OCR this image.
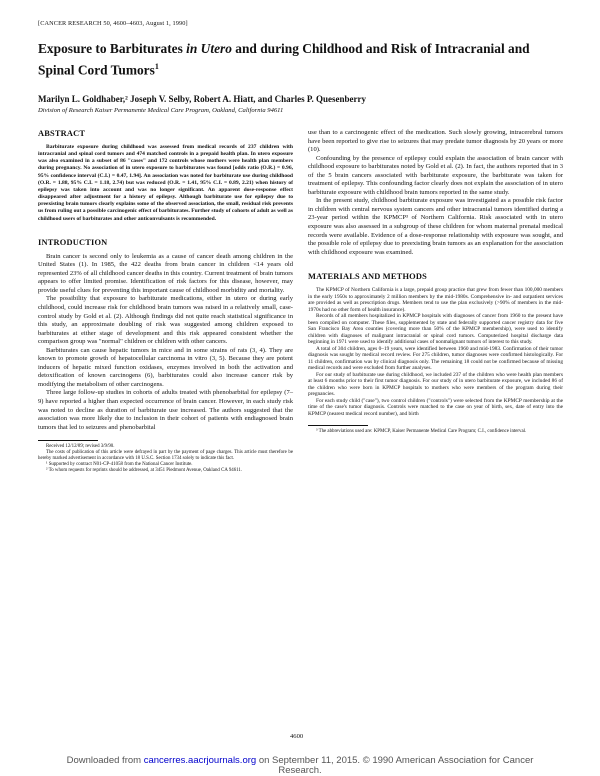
[CANCER RESEARCH 50, 4600–4603, August 1, 1990]
Exposure to Barbiturates in Utero and during Childhood and Risk of Intracranial and Spinal Cord Tumors$^1$
Marilyn L. Goldhaber,² Joseph V. Selby, Robert A. Hiatt, and Charles P. Quesenberry
Division of Research Kaiser Permanente Medical Care Program, Oakland, California 94611
ABSTRACT

Barbiturate exposure during childhood was assessed from medical records of 237 children with intracranial and spinal cord tumors and 474 matched controls in a prepaid health plan. In utero exposure was also examined in a subset of 86 "cases" and 172 controls whose mothers were health plan members during pregnancy. No association of in utero exposure to barbiturates was found [odds ratio (O.R.) = 0.96, 95% confidence interval (C.I.) = 0.47, 1.94]. An association was noted for barbiturate use during childhood (O.R. = 1.88, 95% C.I. = 1.18, 2.74) but was reduced (O.R. = 1.41, 95% C.I. = 0.89, 2.21) when history of epilepsy was taken into account and was no longer significant. An apparent dose-response effect disappeared after adjustment for a history of epilepsy. Although barbiturate use for epilepsy due to preexisting brain tumors clearly explains some of the observed association, the small, residual risk prevents us from ruling out a possible carcinogenic effect of barbiturates. Further study of cohorts of adult as well as childhood users of barbiturates and other anticonvulsants is recommended.

INTRODUCTION

Brain cancer is second only to leukemia as a cause of cancer death among children in the United States (1). In 1985, the 422 deaths from brain cancer in children <14 years old represented 23% of all childhood cancer deaths in this country. Current treatment of brain tumors appears to offer limited promise. Identification of risk factors for this disease, however, may provide useful clues for preventing this important cause of childhood morbidity and mortality.

The possibility that exposure to barbiturate medications, either in utero or during early childhood, could increase risk for childhood brain tumors was raised in a relatively small, case-control study by Gold et al. (2). Although findings did not quite reach statistical significance in this study, an approximate doubling of risk was suggested among children exposed to barbiturates at either stage of development and this risk appeared consistent whether the comparison group was "normal" children or children with other cancers.

Barbiturates can cause hepatic tumors in mice and in some strains of rats (3, 4). They are known to promote growth of hepatocellular carcinoma in vitro (3, 5). Because they are potent inducers of hepatic mixed function oxidases, enzymes involved in both the activation and detoxification of known carcinogens (6), barbiturates could also increase cancer risk by modifying the metabolism of other carcinogens.

Three large follow-up studies in cohorts of adults treated with phenobarbital for epilepsy (7–9) have reported a higher than expected occurrence of brain cancer. However, in each study risk was noted to decline as duration of barbiturate use increased. The authors suggested that the association was more likely due to inclusion in their cohort of patients with endiagnosed brain tumors that led to seizures and phenobarbital

Received 12/12/89; revised 3/9/90.

The costs of publication of this article were defrayed in part by the payment of page charges. This article must therefore be hereby marked advertisement in accordance with 18 U.S.C. Section 1734 solely to indicate this fact.

¹ Supported by contract N01-CP-41058 from the National Cancer Institute.

² To whom requests for reprints should be addressed, at 3451 Piedmont Avenue, Oakland CA 94611.

use than to a carcinogenic effect of the medication. Such slowly growing, intracerebral tumors have been reported to give rise to seizures that may predate tumor diagnosis by 20 years or more (10).

Confounding by the presence of epilepsy could explain the association of brain cancer with childhood exposure to barbiturates noted by Gold et al. (2). In fact, the authors reported that in 3 of the 5 brain cancers associated with barbiturate exposure, the barbiturate was taken for treatment of epilepsy. This confounding factor clearly does not explain the association of in utero barbiturate exposure with childhood brain tumors reported in the same study.

In the present study, childhood barbiturate exposure was investigated as a possible risk factor in children with central nervous system cancers and other intracranial tumors identified during a 23-year period within the KPMCP³ of Northern California. Risk associated with in utero exposure was also assessed in a subgroup of these children for whom maternal prenatal medical records were available. Evidence of a dose-response relationship with exposure was sought, and the possible role of epilepsy due to preexisting brain tumors as an explanation for the association with childhood exposure was examined.

MATERIALS AND METHODS

The KPMCP of Northern California is a large, prepaid group practice that grew from fewer than 100,000 members in the early 1950s to approximately 2 million members by the mid-1980s. Comprehensive in- and outpatient services are provided as well as prescription drugs. Members tend to use the plan exclusively (>90% of members in the mid-1970s had no other form of health insurance).

Records of all members hospitalized in KPMCP hospitals with diagnoses of cancer from 1960 to the present have been compiled on computer. These files, supplemented by state and federally supported cancer registry data for five San Francisco Bay Area counties (covering more than 50% of the KPMCP membership), were used to identify children with diagnoses of malignant intracranial or spinal cord tumors. Computerized hospital discharge data beginning in 1971 were used to identify additional cases of nonmalignant tumors of interest to this study.

A total of 304 children, ages 0–19 years, were identified between 1960 and mid-1983. Confirmation of their tumor diagnosis was sought by medical record review. For 275 children, tumor diagnoses were confirmed histologically. For 11 children, confirmation was by clinical diagnosis only. The remaining 18 could not be confirmed because of missing medical records and were excluded from further analyses.

For our study of barbiturate use during childhood, we included 237 of the children who were health plan members at least 6 months prior to their first tumor diagnosis. For our study of in utero barbiturate exposure, we included 86 of the children who were born in KPMCP hospitals to mothers who were members of the program during their pregnancies.

For each study child ("case"), two control children ("controls") were selected from the KPMCP membership at the time of the case's tumor diagnosis. Controls were matched to the case on year of birth, sex, date of entry into the KPMCP (nearest medical record number), and birth

³ The abbreviations used are: KPMCP, Kaiser Permanente Medical Care Program; C.I., confidence interval.

4600
Downloaded from cancerres.aacrjournals.org on September 11, 2015. © 1990 American Association for Cancer
Research.
